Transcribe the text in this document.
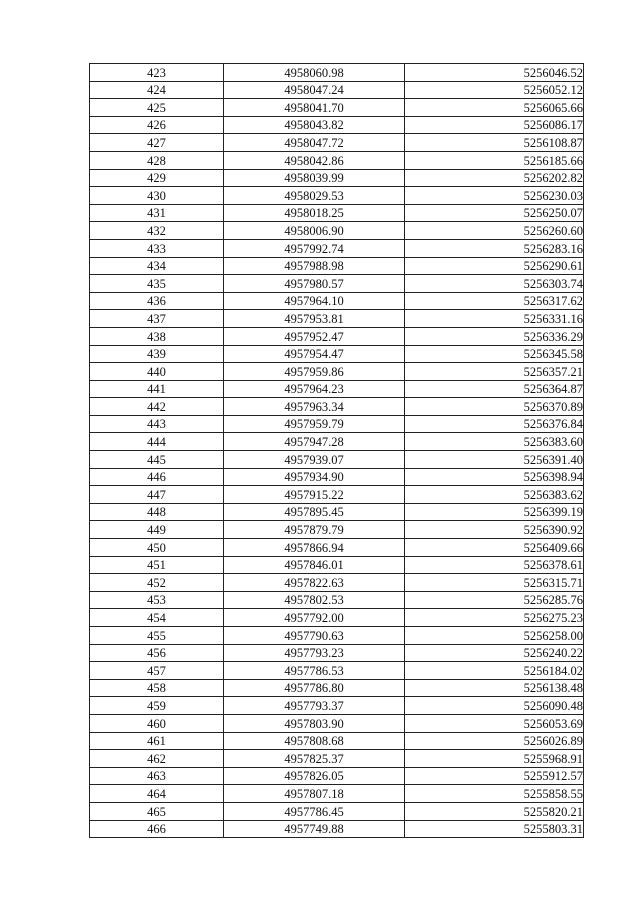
423	4958060.98	5256046.52
424	4958047.24	5256052.12
425	4958041.70	5256065.66
426	4958043.82	5256086.17
427	4958047.72	5256108.87
428	4958042.86	5256185.66
429	4958039.99	5256202.82
430	4958029.53	5256230.03
431	4958018.25	5256250.07
432	4958006.90	5256260.60
433	4957992.74	5256283.16
434	4957988.98	5256290.61
435	4957980.57	5256303.74
436	4957964.10	5256317.62
437	4957953.81	5256331.16
438	4957952.47	5256336.29
439	4957954.47	5256345.58
440	4957959.86	5256357.21
441	4957964.23	5256364.87
442	4957963.34	5256370.89
443	4957959.79	5256376.84
444	4957947.28	5256383.60
445	4957939.07	5256391.40
446	4957934.90	5256398.94
447	4957915.22	5256383.62
448	4957895.45	5256399.19
449	4957879.79	5256390.92
450	4957866.94	5256409.66
451	4957846.01	5256378.61
452	4957822.63	5256315.71
453	4957802.53	5256285.76
454	4957792.00	5256275.23
455	4957790.63	5256258.00
456	4957793.23	5256240.22
457	4957786.53	5256184.02
458	4957786.80	5256138.48
459	4957793.37	5256090.48
460	4957803.90	5256053.69
461	4957808.68	5256026.89
462	4957825.37	5255968.91
463	4957826.05	5255912.57
464	4957807.18	5255858.55
465	4957786.45	5255820.21
466	4957749.88	5255803.31
